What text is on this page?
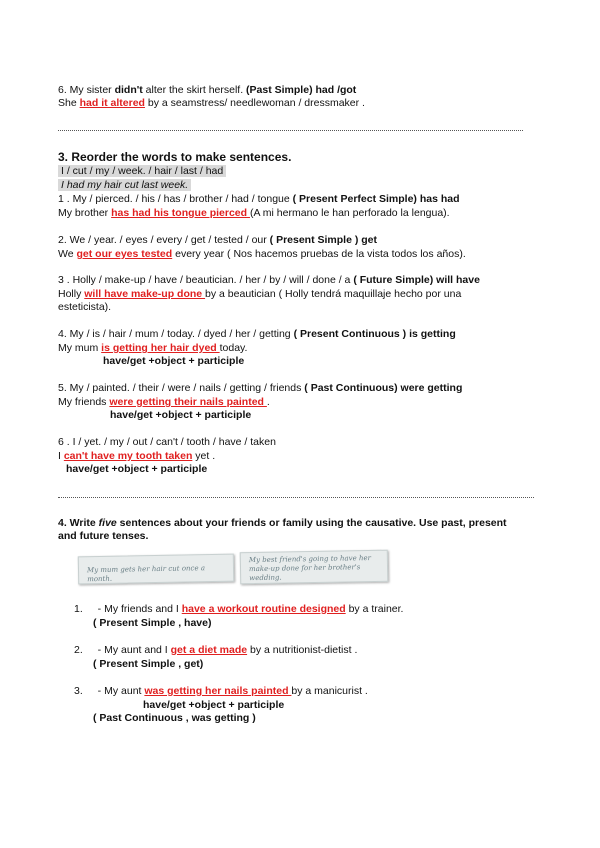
6. My sister didn't alter the skirt herself. (Past Simple) had /got
She had it altered by a seamstress/ needlewoman / dressmaker .
3. Reorder the words to make sentences.
I / cut / my / week. / hair / last / had
I had my hair cut last week.
1 . My / pierced. / his / has / brother / had / tongue ( Present Perfect Simple) has had
My brother has had his tongue pierced (A mi hermano le han perforado la lengua).
2. We / year. / eyes / every / get / tested / our ( Present Simple ) get
We get our eyes tested every year ( Nos hacemos pruebas de la vista todos los años).
3 . Holly / make-up / have / beautician. / her / by / will / done / a ( Future Simple) will have
Holly will have make-up done by a beautician ( Holly tendrá maquillaje hecho por una
esteticista).
4. My / is / hair / mum / today. / dyed / her / getting ( Present Continuous ) is getting
My mum is getting her hair dyed today.
have/get +object + participle
5. My / painted. / their / were / nails / getting / friends ( Past Continuous) were getting
My friends were getting their nails painted .
have/get +object + participle
6 . I / yet. / my / out / can't / tooth / have / taken
I can't have my tooth taken yet .
have/get +object + participle
4. Write five sentences about your friends or family using the causative. Use past, present
and future tenses.
My mum gets her hair cut once a month.
My best friend's going to have her
make-up done for her brother's wedding.
1. - My friends and I have a workout routine designed by a trainer.
( Present Simple , have)
2. - My aunt and I get a diet made by a nutritionist-dietist .
( Present Simple , get)
3. - My aunt was getting her nails painted by a manicurist .
have/get +object + participle
( Past Continuous , was getting )
